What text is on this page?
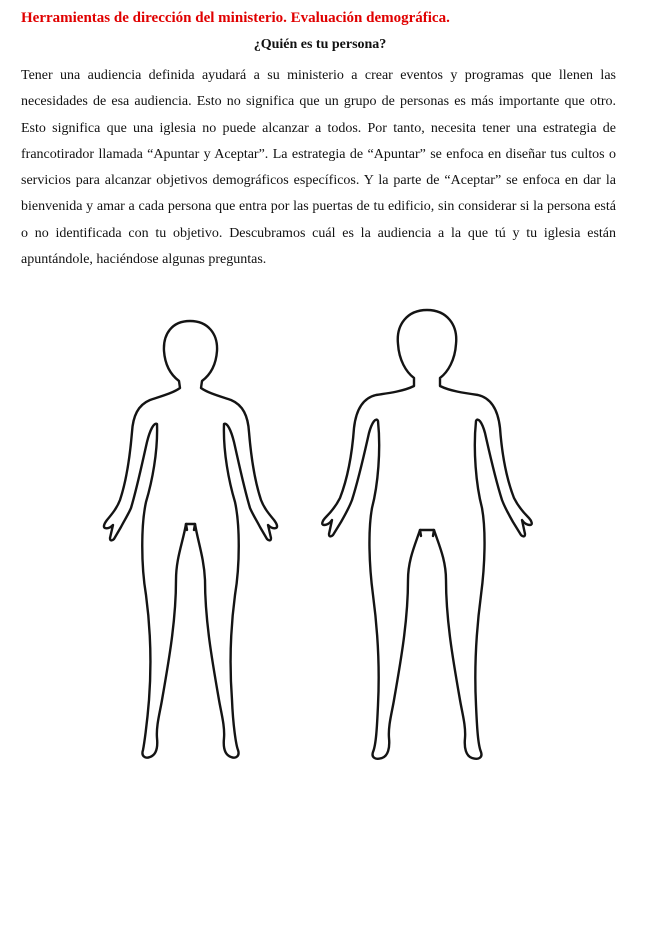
Herramientas de dirección del ministerio. Evaluación demográfica.
¿Quién es tu persona?

Tener una audiencia definida ayudará a su ministerio a crear eventos y programas que llenen las necesidades de esa audiencia. Esto no significa que un grupo de personas es más importante que otro. Esto significa que una iglesia no puede alcanzar a todos. Por tanto, necesita tener una estrategia de francotirador llamada “Apuntar y Aceptar”. La estrategia de “Apuntar” se enfoca en diseñar tus cultos o servicios para alcanzar objetivos demográficos específicos. Y la parte de “Aceptar” se enfoca en dar la bienvenida y amar a cada persona que entra por las puertas de tu edificio, sin considerar si la persona está o no identificada con tu objetivo. Descubramos cuál es la audiencia a la que tú y tu iglesia están apuntándole, haciéndose algunas preguntas.
